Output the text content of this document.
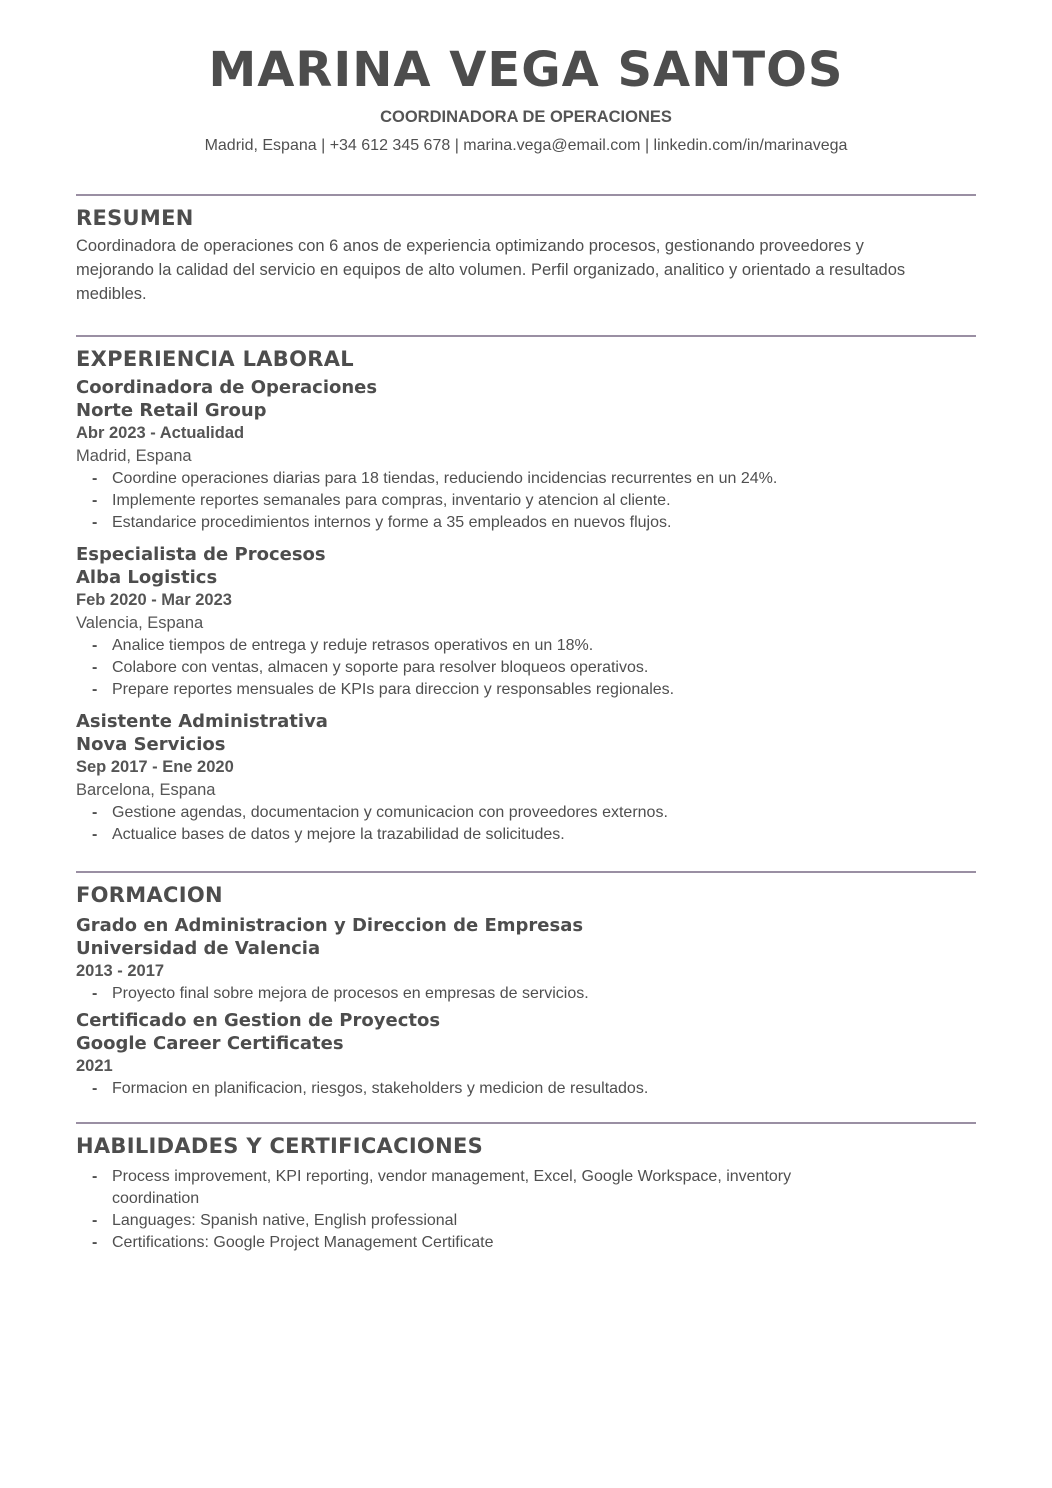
MARINA VEGA SANTOS
COORDINADORA DE OPERACIONES
Madrid, Espana | +34 612 345 678 | marina.vega@email.com | linkedin.com/in/marinavega
RESUMEN
Coordinadora de operaciones con 6 anos de experiencia optimizando procesos, gestionando proveedores y mejorando la calidad del servicio en equipos de alto volumen. Perfil organizado, analitico y orientado a resultados medibles.
EXPERIENCIA LABORAL
Coordinadora de Operaciones
Norte Retail Group
Abr 2023 - Actualidad
Madrid, Espana
- Coordine operaciones diarias para 18 tiendas, reduciendo incidencias recurrentes en un 24%.
- Implemente reportes semanales para compras, inventario y atencion al cliente.
- Estandarice procedimientos internos y forme a 35 empleados en nuevos flujos.
Especialista de Procesos
Alba Logistics
Feb 2020 - Mar 2023
Valencia, Espana
- Analice tiempos de entrega y reduje retrasos operativos en un 18%.
- Colabore con ventas, almacen y soporte para resolver bloqueos operativos.
- Prepare reportes mensuales de KPIs para direccion y responsables regionales.
Asistente Administrativa
Nova Servicios
Sep 2017 - Ene 2020
Barcelona, Espana
- Gestione agendas, documentacion y comunicacion con proveedores externos.
- Actualice bases de datos y mejore la trazabilidad de solicitudes.
FORMACION
Grado en Administracion y Direccion de Empresas
Universidad de Valencia
2013 - 2017
- Proyecto final sobre mejora de procesos en empresas de servicios.
Certificado en Gestion de Proyectos
Google Career Certificates
2021
- Formacion en planificacion, riesgos, stakeholders y medicion de resultados.
HABILIDADES Y CERTIFICACIONES
- Process improvement, KPI reporting, vendor management, Excel, Google Workspace, inventory coordination
- Languages: Spanish native, English professional
- Certifications: Google Project Management Certificate
